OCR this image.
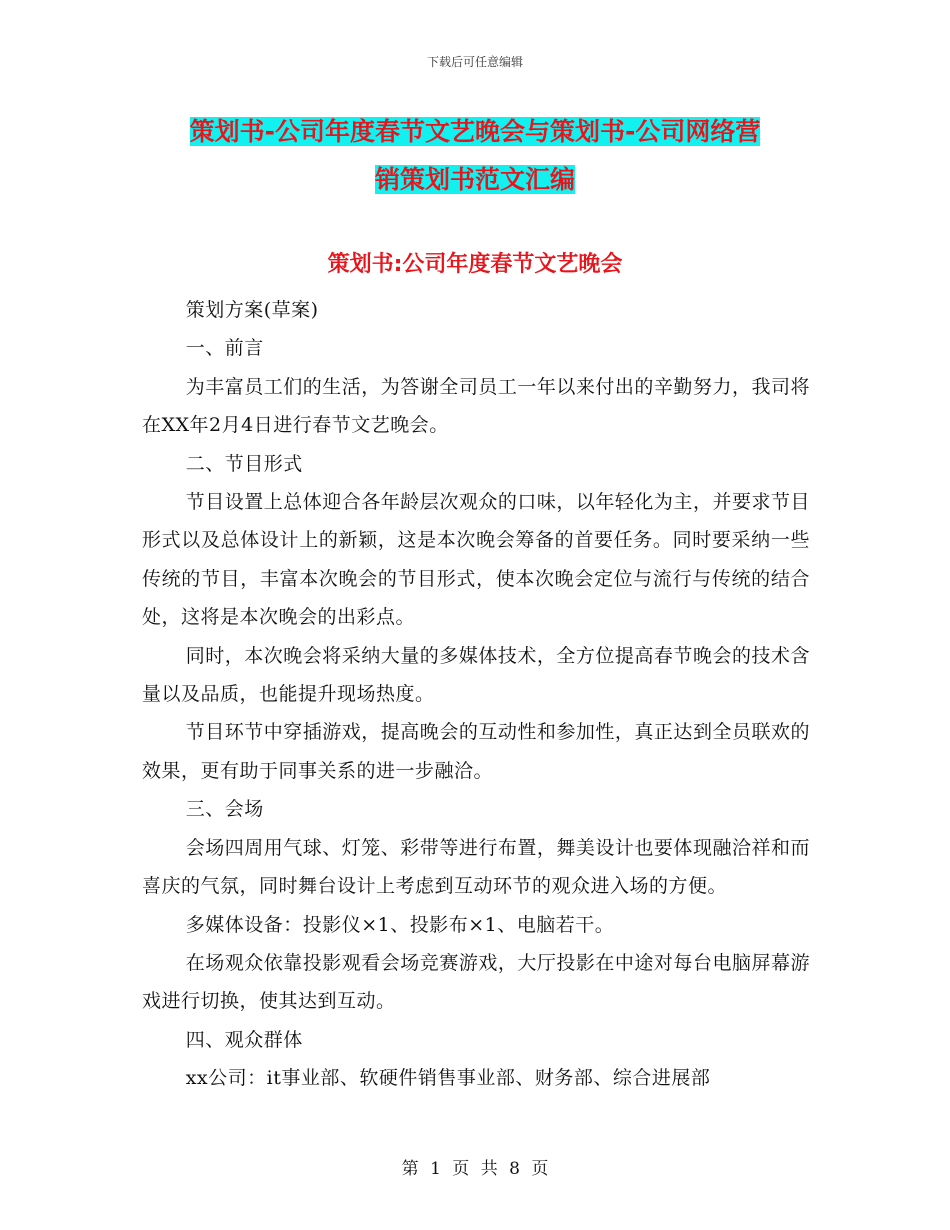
下载后可任意编辑
策划书-公司年度春节文艺晚会与策划书-公司网络营
销策划书范文汇编
策划书:公司年度春节文艺晚会

策划方案(草案)

一、前言

为丰富员工们的生活，为答谢全司员工一年以来付出的辛勤努力，我司将在XX年2月4日进行春节文艺晚会。

二、节目形式

节目设置上总体迎合各年龄层次观众的口味，以年轻化为主，并要求节目形式以及总体设计上的新颖，这是本次晚会筹备的首要任务。同时要采纳一些传统的节目，丰富本次晚会的节目形式，使本次晚会定位与流行与传统的结合处，这将是本次晚会的出彩点。

同时，本次晚会将采纳大量的多媒体技术，全方位提高春节晚会的技术含量以及品质，也能提升现场热度。

节目环节中穿插游戏，提高晚会的互动性和参加性，真正达到全员联欢的效果，更有助于同事关系的进一步融洽。

三、会场

会场四周用气球、灯笼、彩带等进行布置，舞美设计也要体现融洽祥和而喜庆的气氛，同时舞台设计上考虑到互动环节的观众进入场的方便。

多媒体设备：投影仪×1、投影布×1、电脑若干。

在场观众依靠投影观看会场竞赛游戏，大厅投影在中途对每台电脑屏幕游戏进行切换，使其达到互动。

四、观众群体

xx公司：it事业部、软硬件销售事业部、财务部、综合进展部

第 1 页 共 8 页
